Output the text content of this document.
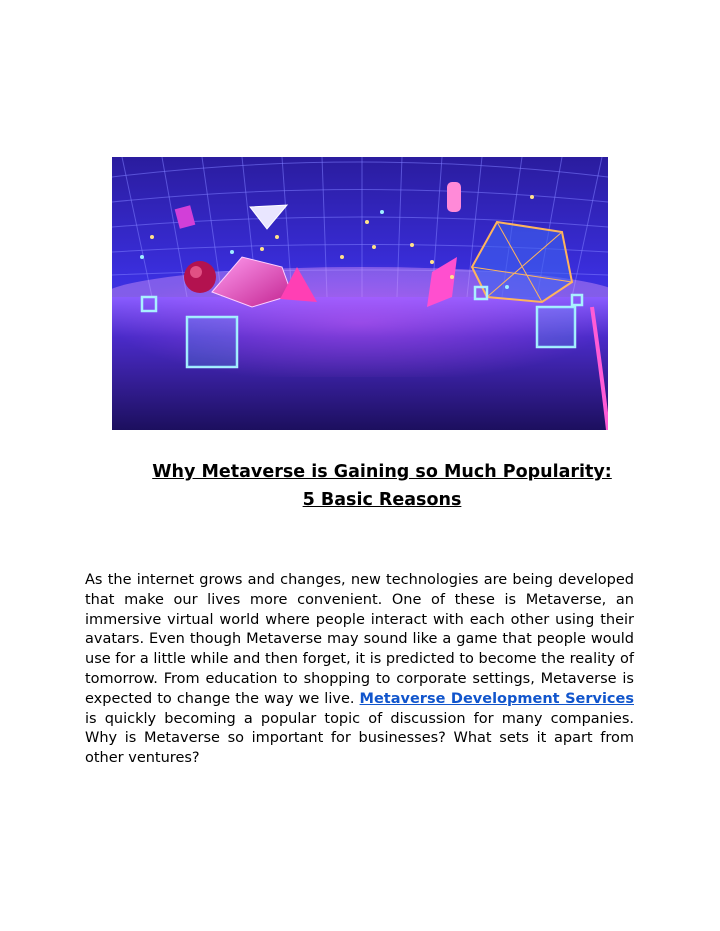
Why Metaverse is Gaining so Much Popularity:
5 Basic Reasons
As the internet grows and changes, new technologies are being developed that make our lives more convenient. One of these is Metaverse, an immersive virtual world where people interact with each other using their avatars. Even though Metaverse may sound like a game that people would use for a little while and then forget, it is predicted to become the reality of tomorrow. From education to shopping to corporate settings, Metaverse is expected to change the way we live. Metaverse Development Services is quickly becoming a popular topic of discussion for many companies. Why is Metaverse so important for businesses? What sets it apart from other ventures?
